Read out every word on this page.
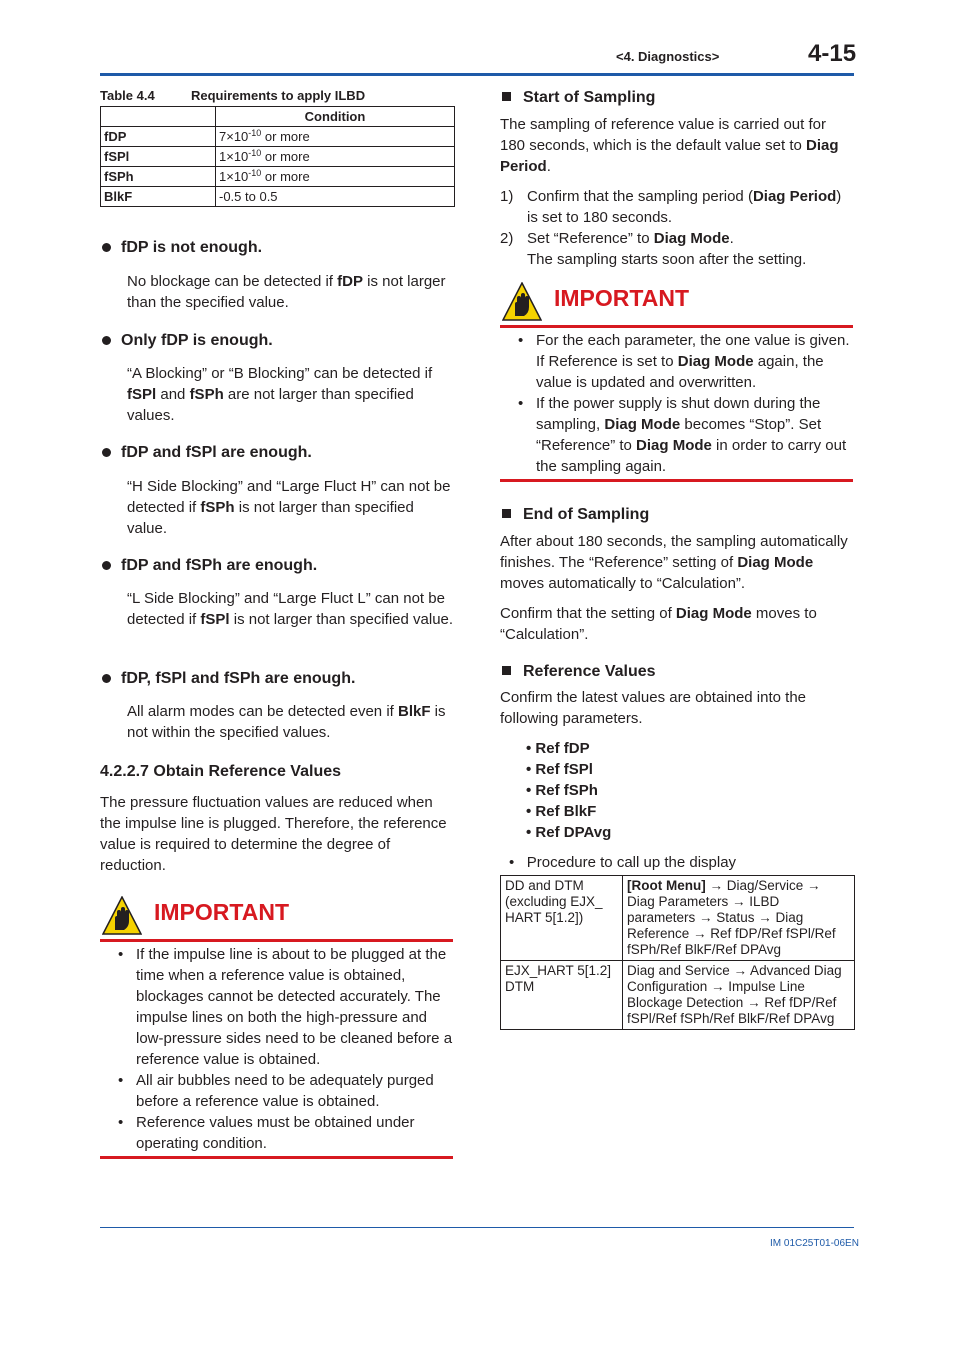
<4. Diagnostics>	4-15
IM 01C25T01-06EN
Table 4.4	Requirements to apply ILBD
	Condition
fDP	$7\times 10^{-10}$ or more
fSPl	$1\times 10^{-10}$ or more
fSPh	$1\times 10^{-10}$ or more
BlkF	-0.5 to 0.5
fDP is not enough.
No blockage can be detected if fDP is not larger than the specified value.
Only fDP is enough.
“A Blocking” or “B Blocking” can be detected if fSPl and fSPh are not larger than specified values.
fDP and fSPl are enough.
“H Side Blocking” and “Large Fluct H” can not be detected if fSPh is not larger than specified value.
fDP and fSPh are enough.
“L Side Blocking” and “Large Fluct L” can not be detected if fSPl is not larger than specified value.
fDP, fSPl and fSPh are enough.
All alarm modes can be detected even if BlkF is not within the specified values.
4.2.2.7 Obtain Reference Values
The pressure fluctuation values are reduced when the impulse line is plugged. Therefore, the reference value is required to determine the degree of reduction.
IMPORTANT
• If the impulse line is about to be plugged at the time when a reference value is obtained, blockages cannot be detected accurately. The impulse lines on both the high-pressure and low-pressure sides need to be cleaned before a reference value is obtained.
• All air bubbles need to be adequately purged before a reference value is obtained.
• Reference values must be obtained under operating condition.
Start of Sampling
The sampling of reference value is carried out for 180 seconds, which is the default value set to Diag Period.
1) Confirm that the sampling period (Diag Period) is set to 180 seconds.
2) Set “Reference” to Diag Mode.
The sampling starts soon after the setting.
IMPORTANT
• For the each parameter, the one value is given. If Reference is set to Diag Mode again, the value is updated and overwritten.
• If the power supply is shut down during the sampling, Diag Mode becomes “Stop”. Set “Reference” to Diag Mode in order to carry out the sampling again.
End of Sampling
After about 180 seconds, the sampling automatically finishes. The “Reference” setting of Diag Mode moves automatically to “Calculation”.
Confirm that the setting of Diag Mode moves to “Calculation”.
Reference Values
Confirm the latest values are obtained into the following parameters.
• Ref fDP
• Ref fSPl
• Ref fSPh
• Ref BlkF
• Ref DPAvg
•   Procedure to call up the display
DD and DTM (excluding EJX_ HART 5[1.2])	[Root Menu] → Diag/Service → Diag Parameters → ILBD parameters → Status → Diag Reference → Ref fDP/Ref fSPl/Ref fSPh/Ref BlkF/Ref DPAvg
EJX_HART 5[1.2] DTM	Diag and Service → Advanced Diag Configuration → Impulse Line Blockage Detection → Ref fDP/Ref fSPl/Ref fSPh/Ref BlkF/Ref DPAvg
